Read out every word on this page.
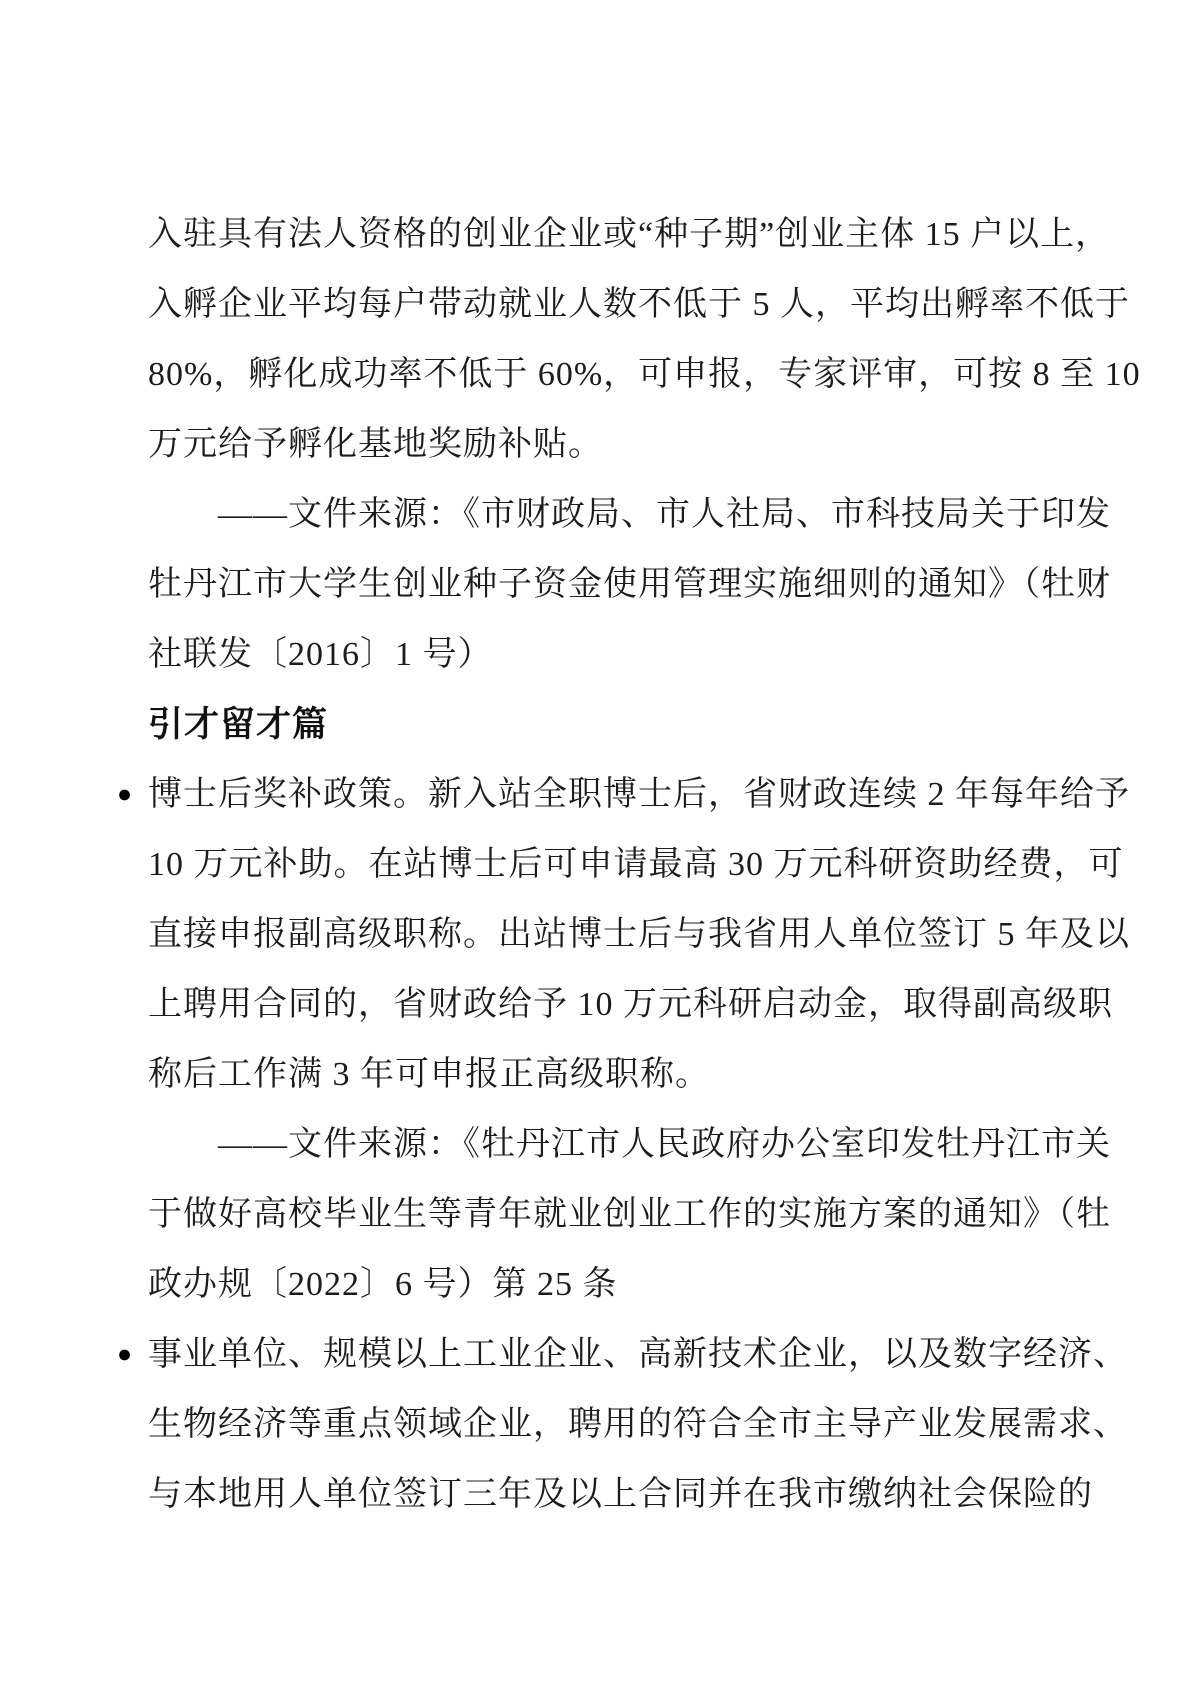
入驻具有法人资格的创业企业或“种子期”创业主体 15 户以上，
入孵企业平均每户带动就业人数不低于 5 人，平均出孵率不低于
80%，孵化成功率不低于 60%，可申报，专家评审，可按 8 至 10
万元给予孵化基地奖励补贴。
——文件来源：《市财政局、市人社局、市科技局关于印发
牡丹江市大学生创业种子资金使用管理实施细则的通知》（牡财
社联发〔2016〕1 号）
引才留才篇
● 博士后奖补政策。新入站全职博士后，省财政连续 2 年每年给予
10 万元补助。在站博士后可申请最高 30 万元科研资助经费，可
直接申报副高级职称。出站博士后与我省用人单位签订 5 年及以
上聘用合同的，省财政给予 10 万元科研启动金，取得副高级职
称后工作满 3 年可申报正高级职称。
——文件来源：《牡丹江市人民政府办公室印发牡丹江市关
于做好高校毕业生等青年就业创业工作的实施方案的通知》（牡
政办规〔2022〕6 号）第 25 条
● 事业单位、规模以上工业企业、高新技术企业，以及数字经济、
生物经济等重点领域企业，聘用的符合全市主导产业发展需求、
与本地用人单位签订三年及以上合同并在我市缴纳社会保险的
